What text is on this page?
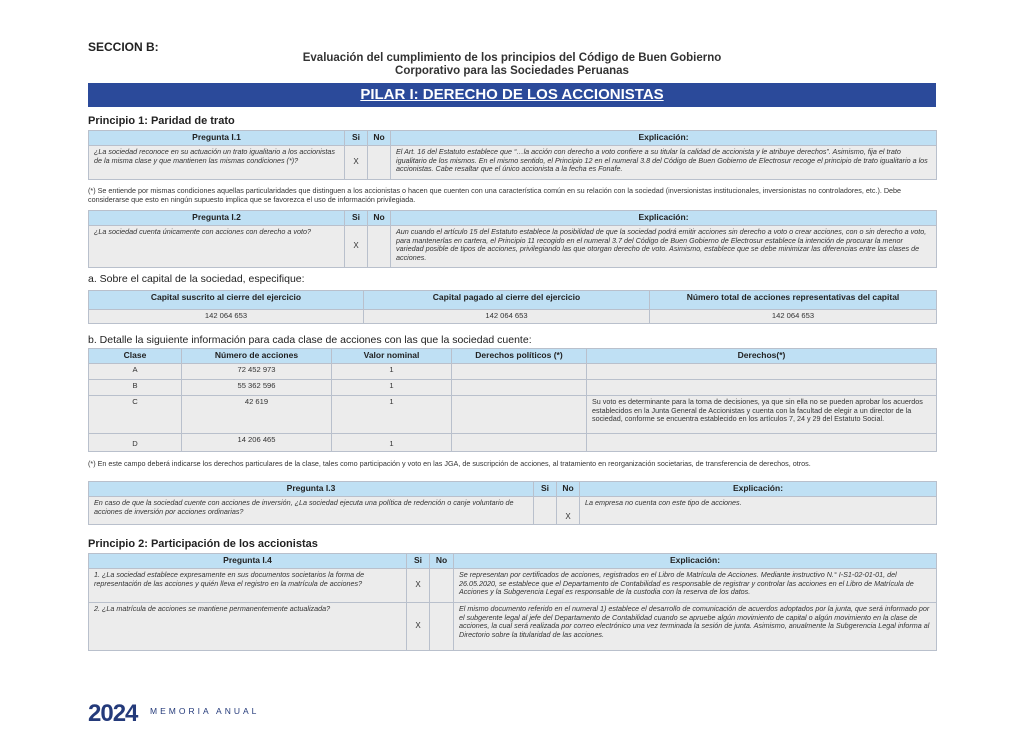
SECCION B:
Evaluación del cumplimiento de los principios del Código de Buen Gobierno
Corporativo para las Sociedades Peruanas
PILAR I: DERECHO DE LOS ACCIONISTAS
Principio 1: Paridad de trato
Pregunta I.1	Si	No	Explicación:
¿La sociedad reconoce en su actuación un trato igualitario a los accionistas de la misma clase y que mantienen las mismas condiciones (*)?	X		El Art. 16 del Estatuto establece que “…la acción con derecho a voto confiere a su titular la calidad de accionista y le atribuye derechos”. Asimismo, fija el trato igualitario de los mismos. En el mismo sentido, el Principio 12 en el numeral 3.8 del Código de Buen Gobierno de Electrosur recoge el principio de trato igualitario a los accionistas. Cabe resaltar que el único accionista a la fecha es Fonafe.
(*) Se entiende por mismas condiciones aquellas particularidades que distinguen a los accionistas o hacen que cuenten con una característica común en su relación con la sociedad (inversionistas institucionales, inversionistas no controladores, etc.). Debe considerarse que esto en ningún supuesto implica que se favorezca el uso de información privilegiada.
Pregunta I.2	Si	No	Explicación:
¿La sociedad cuenta únicamente con acciones con derecho a voto?	X		Aun cuando el artículo 15 del Estatuto establece la posibilidad de que la sociedad podrá emitir acciones sin derecho a voto o crear acciones, con o sin derecho a voto, para mantenerlas en cartera, el Principio 11 recogido en el numeral 3.7 del Código de Buen Gobierno de Electrosur establece la intención de procurar la menor variedad posible de tipos de acciones, privilegiando las que otorgan derecho de voto. Asimismo, establece que se debe minimizar las diferencias entre las clases de acciones.
a. Sobre el capital de la sociedad, especifique:
Capital suscrito al cierre del ejercicio	Capital pagado al cierre del ejercicio	Número total de acciones representativas del capital
142 064 653	142 064 653	142 064 653
b. Detalle la siguiente información para cada clase de acciones con las que la sociedad cuente:
Clase	Número de acciones	Valor nominal	Derechos políticos (*)	Derechos(*)
A	72 452 973	1		
B	55 362 596	1		
C	42 619	1		Su voto es determinante para la toma de decisiones, ya que sin ella no se pueden aprobar los acuerdos establecidos en la Junta General de Accionistas y cuenta con la facultad de elegir a un director de la sociedad, conforme se encuentra establecido en los artículos 7, 24 y 29 del Estatuto Social.
D	14 206 465	1		
(*) En este campo deberá indicarse los derechos particulares de la clase, tales como participación y voto en las JGA, de suscripción de acciones, al tratamiento en reorganización societarias, de transferencia de derechos, otros.
Pregunta I.3	Si	No	Explicación:
En caso de que la sociedad cuente con acciones de inversión, ¿La sociedad ejecuta una política de redención o canje voluntario de acciones de inversión por acciones ordinarias?		X	La empresa no cuenta con este tipo de acciones.
Principio 2: Participación de los accionistas
Pregunta I.4	Si	No	Explicación:
1. ¿La sociedad establece expresamente en sus documentos societarios la forma de representación de las acciones y quién lleva el registro en la matrícula de acciones?	X		Se representan por certificados de acciones, registrados en el Libro de Matrícula de Acciones. Mediante instructivo N.° I-S1-02-01-01, del 26.05.2020, se establece que el Departamento de Contabilidad es responsable de registrar y controlar las acciones en el Libro de Matrícula de Acciones y la Subgerencia Legal es responsable de la custodia con la reserva de los datos.
2. ¿La matrícula de acciones se mantiene permanentemente actualizada?	X		El mismo documento referido en el numeral 1) establece el desarrollo de comunicación de acuerdos adoptados por la junta, que será informado por el subgerente legal al jefe del Departamento de Contabilidad cuando se apruebe algún movimiento de capital o algún movimiento en la clase de acciones, la cual será realizada por correo electrónico una vez terminada la sesión de junta. Asimismo, anualmente la Subgerencia Legal informa al Directorio sobre la titularidad de las acciones.
2024 MEMORIA ANUAL
